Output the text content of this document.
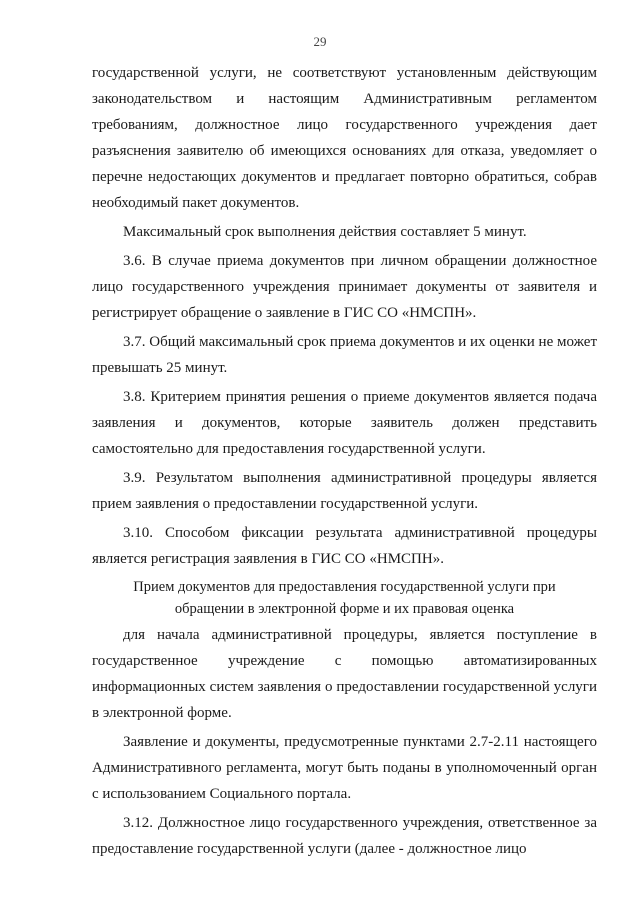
29

государственной услуги, не соответствуют установленным действующим законодательством и настоящим Административным регламентом требованиям, должностное лицо государственного учреждения дает разъяснения заявителю об имеющихся основаниях для отказа, уведомляет о перечне недостающих документов и предлагает повторно обратиться, собрав необходимый пакет документов.

Максимальный срок выполнения действия составляет 5 минут.

3.6. В случае приема документов при личном обращении должностное лицо государственного учреждения принимает документы от заявителя и регистрирует обращение о заявление в ГИС СО «НМСПН».

3.7. Общий максимальный срок приема документов и их оценки не может превышать 25 минут.

3.8. Критерием принятия решения о приеме документов является подача заявления и документов, которые заявитель должен представить самостоятельно для предоставления государственной услуги.

3.9. Результатом выполнения административной процедуры является прием заявления о предоставлении государственной услуги.

3.10. Способом фиксации результата административной процедуры является регистрация заявления в ГИС СО «НМСПН».

Прием документов для предоставления государственной услуги при
обращении в электронной форме и их правовая оценка

для начала административной процедуры, является поступление в государственное учреждение с помощью автоматизированных информационных систем заявления о предоставлении государственной услуги в электронной форме.

Заявление и документы, предусмотренные пунктами 2.7-2.11 настоящего Административного регламента, могут быть поданы в уполномоченный орган с использованием Социального портала.

3.12. Должностное лицо государственного учреждения, ответственное за предоставление государственной услуги (далее - должностное лицо
